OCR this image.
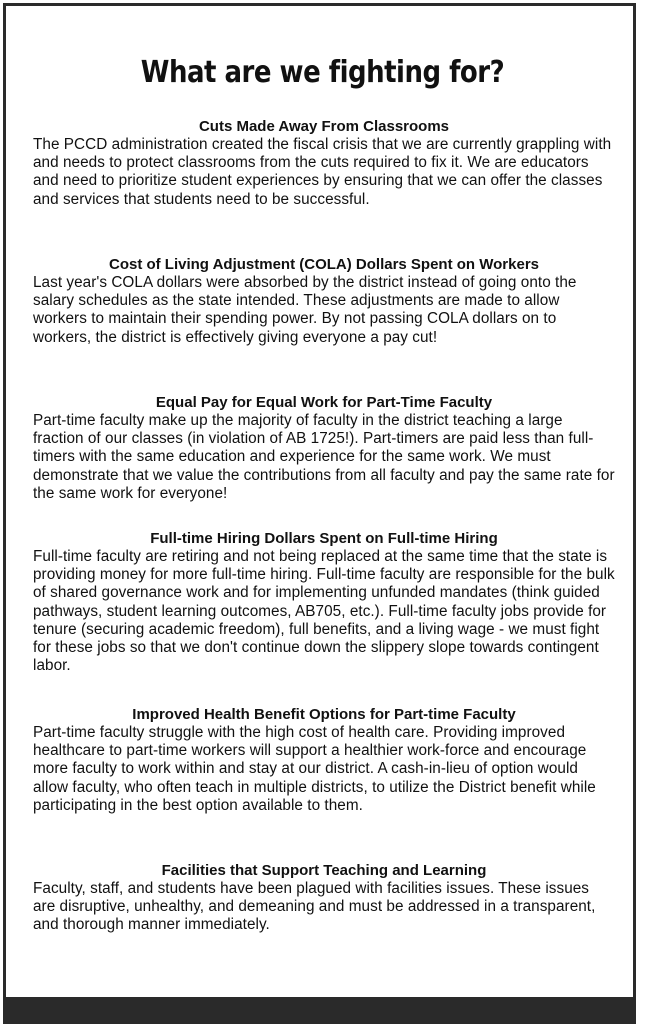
What are we fighting for?
Cuts Made Away From Classrooms

The PCCD administration created the fiscal crisis that we are currently grappling with and needs to protect classrooms from the cuts required to fix it. We are educators and need to prioritize student experiences by ensuring that we can offer the classes and services that students need to be successful.

Cost of Living Adjustment (COLA) Dollars Spent on Workers

Last year's COLA dollars were absorbed by the district instead of going onto the salary schedules as the state intended. These adjustments are made to allow workers to maintain their spending power. By not passing COLA dollars on to workers, the district is effectively giving everyone a pay cut!

Equal Pay for Equal Work for Part-Time Faculty

Part-time faculty make up the majority of faculty in the district teaching a large fraction of our classes (in violation of AB 1725!). Part-timers are paid less than full-timers with the same education and experience for the same work. We must demonstrate that we value the contributions from all faculty and pay the same rate for the same work for everyone!

Full-time Hiring Dollars Spent on Full-time Hiring

Full-time faculty are retiring and not being replaced at the same time that the state is providing money for more full-time hiring. Full-time faculty are responsible for the bulk of shared governance work and for implementing unfunded mandates (think guided pathways, student learning outcomes, AB705, etc.). Full-time faculty jobs provide for tenure (securing academic freedom), full benefits, and a living wage - we must fight for these jobs so that we don't continue down the slippery slope towards contingent labor.

Improved Health Benefit Options for Part-time Faculty

Part-time faculty struggle with the high cost of health care. Providing improved healthcare to part-time workers will support a healthier work-force and encourage more faculty to work within and stay at our district. A cash-in-lieu of option would allow faculty, who often teach in multiple districts, to utilize the District benefit while participating in the best option available to them.

Facilities that Support Teaching and Learning

Faculty, staff, and students have been plagued with facilities issues. These issues are disruptive, unhealthy, and demeaning and must be addressed in a transparent, and thorough manner immediately.
